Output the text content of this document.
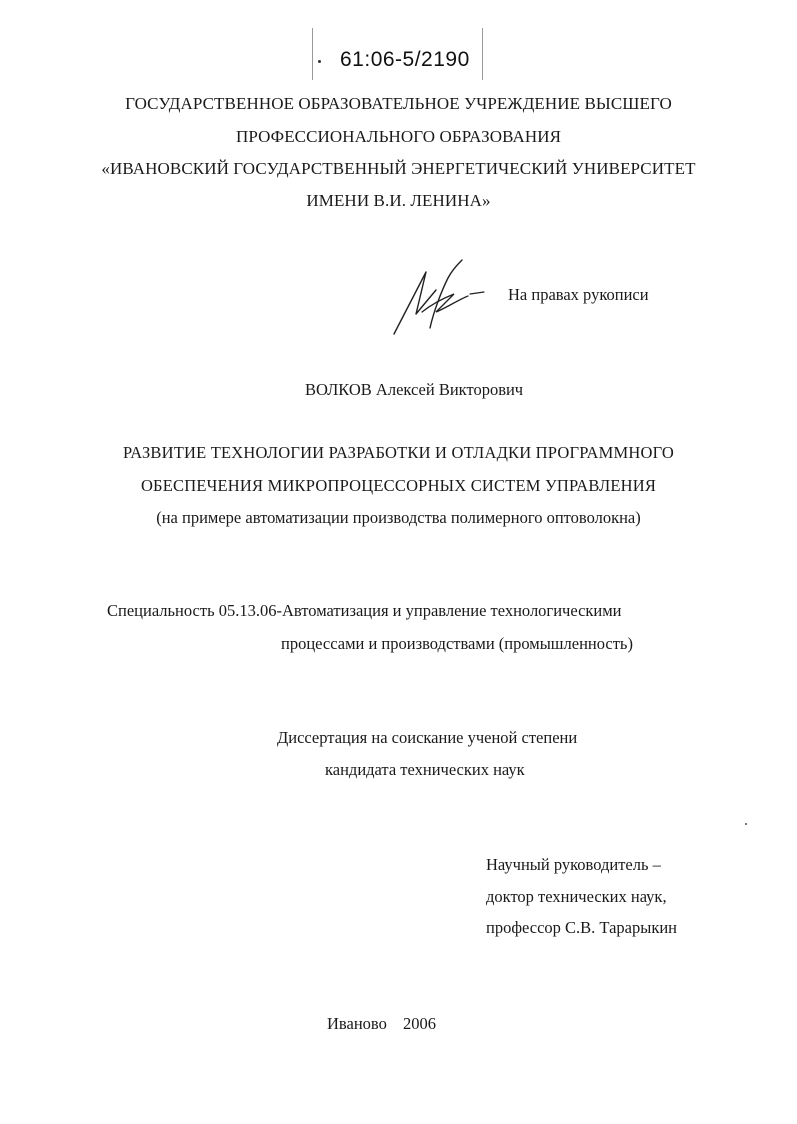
61:06-5/2190
ГОСУДАРСТВЕННОЕ ОБРАЗОВАТЕЛЬНОЕ УЧРЕЖДЕНИЕ ВЫСШЕГО
ПРОФЕССИОНАЛЬНОГО ОБРАЗОВАНИЯ
«ИВАНОВСКИЙ ГОСУДАРСТВЕННЫЙ ЭНЕРГЕТИЧЕСКИЙ УНИВЕРСИТЕТ
ИМЕНИ В.И. ЛЕНИНА»
На правах рукописи
ВОЛКОВ Алексей Викторович
РАЗВИТИЕ ТЕХНОЛОГИИ РАЗРАБОТКИ И ОТЛАДКИ ПРОГРАММНОГО
ОБЕСПЕЧЕНИЯ МИКРОПРОЦЕССОРНЫХ СИСТЕМ УПРАВЛЕНИЯ
(на примере автоматизации производства полимерного оптоволокна)
Специальность 05.13.06-Автоматизация и управление технологическими
процессами и производствами (промышленность)
Диссертация на соискание ученой степени
кандидата технических наук
Научный руководитель –
доктор технических наук,
профессор С.В. Тарарыкин
Иваново 2006
